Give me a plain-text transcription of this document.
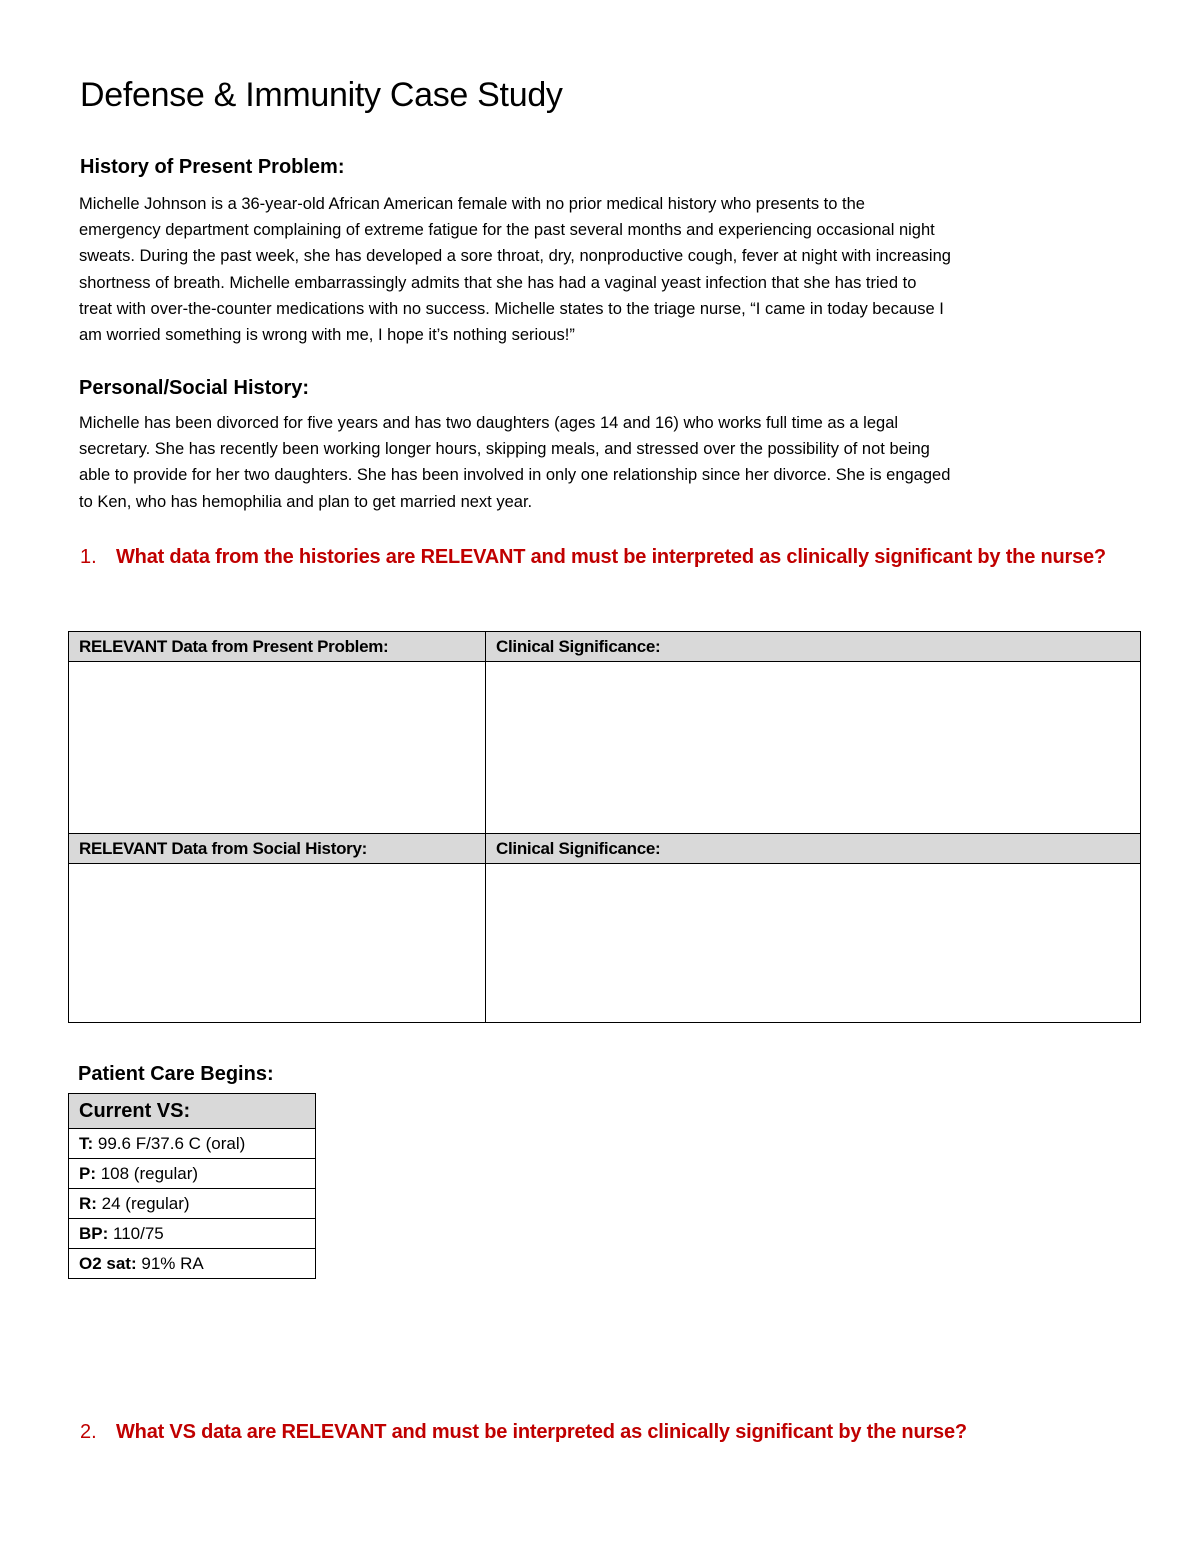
Defense & Immunity Case Study
History of Present Problem:
Michelle Johnson is a 36-year-old African American female with no prior medical history who presents to the
emergency department complaining of extreme fatigue for the past several months and experiencing occasional night
sweats. During the past week, she has developed a sore throat, dry, nonproductive cough, fever at night with increasing
shortness of breath. Michelle embarrassingly admits that she has had a vaginal yeast infection that she has tried to
treat with over-the-counter medications with no success. Michelle states to the triage nurse, “I came in today because I
am worried something is wrong with me, I hope it’s nothing serious!”
Personal/Social History:
Michelle has been divorced for five years and has two daughters (ages 14 and 16) who works full time as a legal
secretary. She has recently been working longer hours, skipping meals, and stressed over the possibility of not being
able to provide for her two daughters. She has been involved in only one relationship since her divorce. She is engaged
to Ken, who has hemophilia and plan to get married next year.
1. What data from the histories are RELEVANT and must be interpreted as clinically significant by the nurse?
RELEVANT Data from Present Problem:	Clinical Significance:

RELEVANT Data from Social History:	Clinical Significance:

Patient Care Begins:
Current VS:
T: 99.6 F/37.6 C (oral)
P: 108 (regular)
R: 24 (regular)
BP: 110/75
O2 sat: 91% RA
2. What VS data are RELEVANT and must be interpreted as clinically significant by the nurse?
